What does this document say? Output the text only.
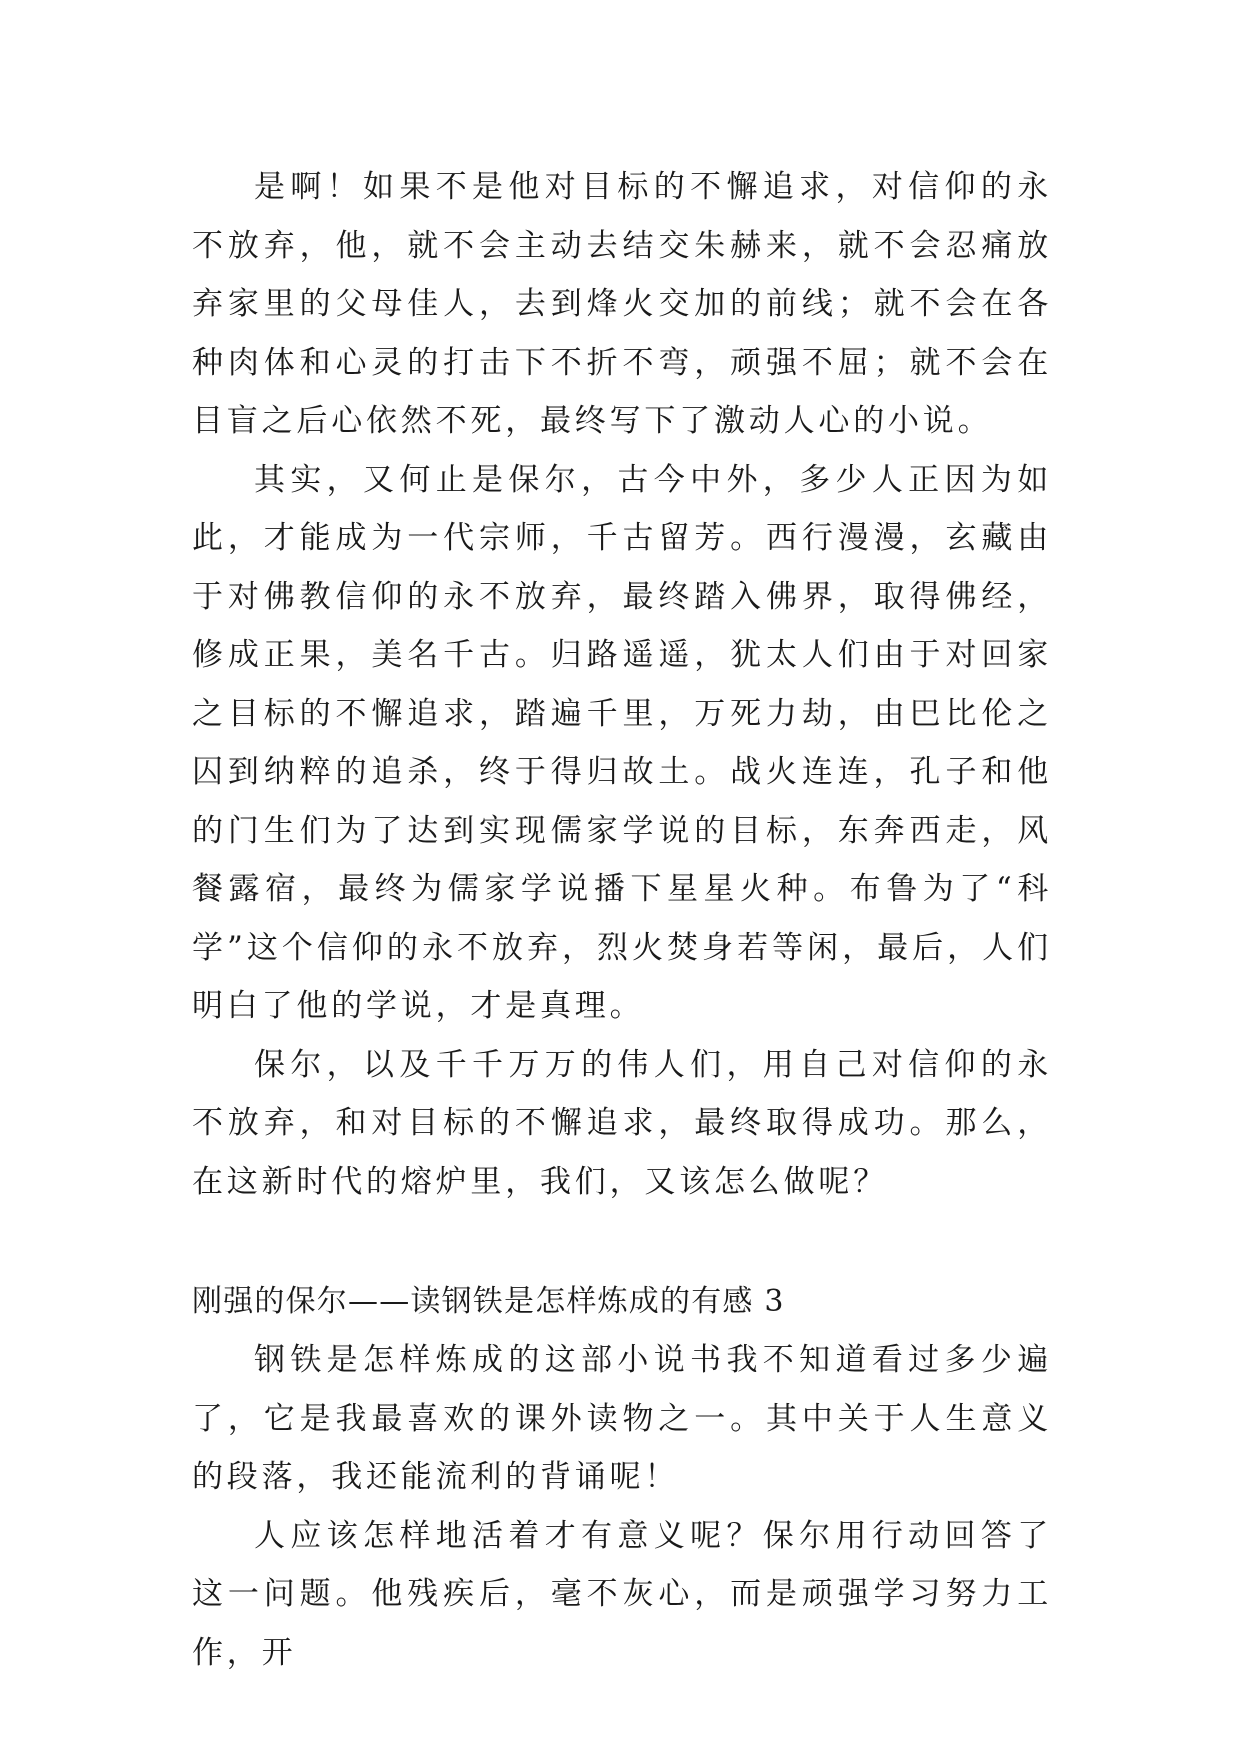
是啊！如果不是他对目标的不懈追求，对信仰的永不放弃，他，就不会主动去结交朱赫来，就不会忍痛放弃家里的父母佳人，去到烽火交加的前线；就不会在各种肉体和心灵的打击下不折不弯，顽强不屈；就不会在目盲之后心依然不死，最终写下了激动人心的小说。

其实，又何止是保尔，古今中外，多少人正因为如此，才能成为一代宗师，千古留芳。西行漫漫，玄藏由于对佛教信仰的永不放弃，最终踏入佛界，取得佛经，修成正果，美名千古。归路遥遥，犹太人们由于对回家之目标的不懈追求，踏遍千里，万死力劫，由巴比伦之囚到纳粹的追杀，终于得归故土。战火连连，孔子和他的门生们为了达到实现儒家学说的目标，东奔西走，风餐露宿，最终为儒家学说播下星星火种。布鲁为了“科学”这个信仰的永不放弃，烈火焚身若等闲，最后，人们明白了他的学说，才是真理。

保尔，以及千千万万的伟人们，用自己对信仰的永不放弃，和对目标的不懈追求，最终取得成功。那么，在这新时代的熔炉里，我们，又该怎么做呢？

刚强的保尔——读钢铁是怎样炼成的有感 3

钢铁是怎样炼成的这部小说书我不知道看过多少遍了，它是我最喜欢的课外读物之一。其中关于人生意义的段落，我还能流利的背诵呢！

人应该怎样地活着才有意义呢？保尔用行动回答了这一问题。他残疾后，毫不灰心，而是顽强学习努力工作，开
